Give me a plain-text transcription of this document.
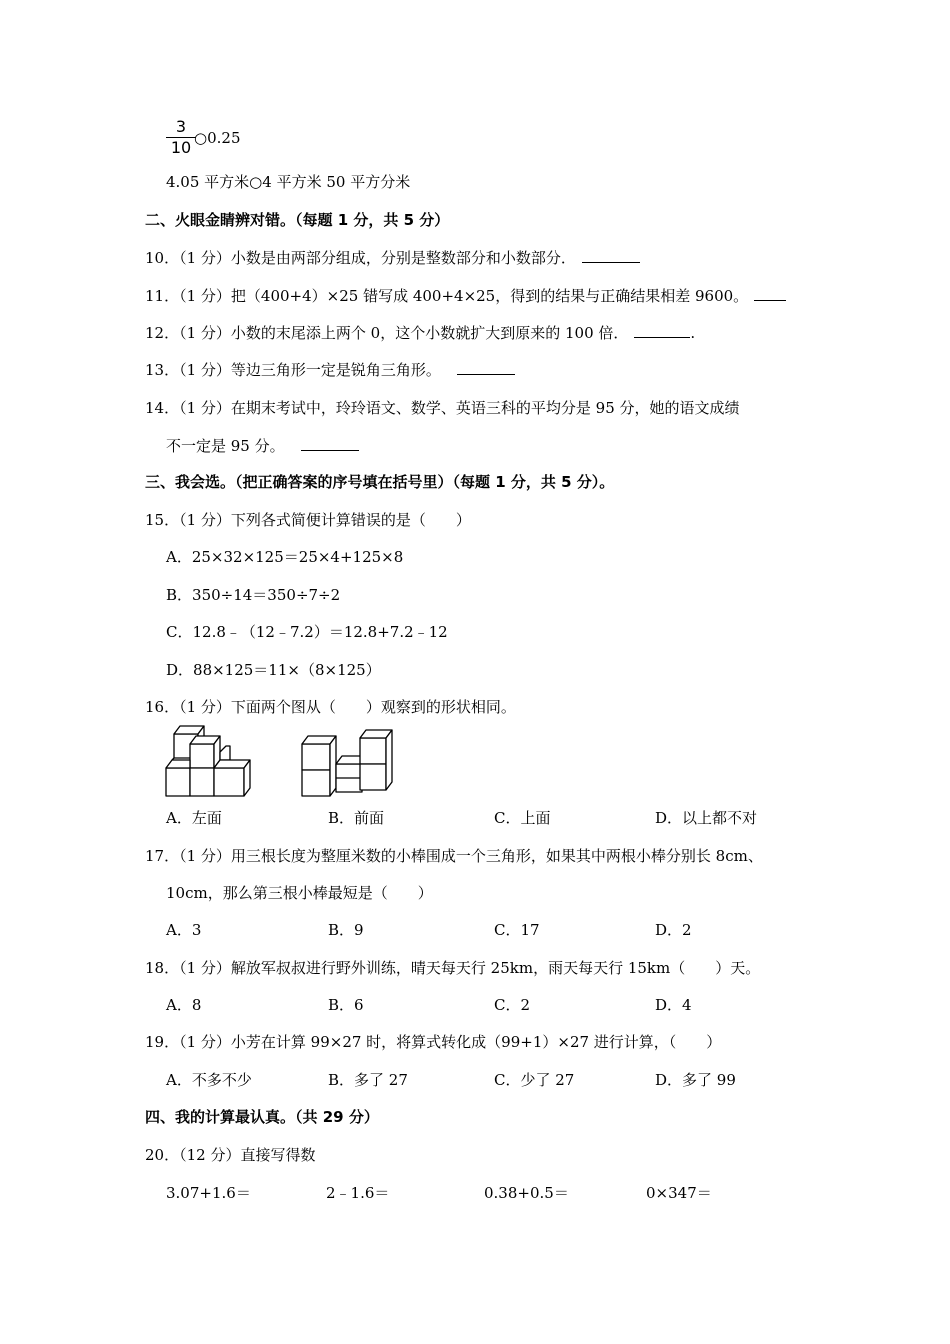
3
10 ○0.25
4.05 平方米○4 平方米 50 平方分米
二、火眼金睛辨对错。（每题 1 分，共 5 分）
10．（1 分）小数是由两部分组成，分别是整数部分和小数部分．
11．（1 分）把（400+4）×25 错写成 400+4×25，得到的结果与正确结果相差 9600。
12．（1 分）小数的末尾添上两个 0，这个小数就扩大到原来的 100 倍．	.
13．（1 分）等边三角形一定是锐角三角形。
14．（1 分）在期末考试中，玲玲语文、数学、英语三科的平均分是 95 分，她的语文成绩
不一定是 95 分。
三、我会选。（把正确答案的序号填在括号里）（每题 1 分，共 5 分）。
15．（1 分）下列各式简便计算错误的是（　　）
A．25×32×125＝25×4+125×8
B．350÷14＝350÷7÷2
C．12.8﹣（12﹣7.2）＝12.8+7.2﹣12
D．88×125＝11×（8×125）
16．（1 分）下面两个图从（　　）观察到的形状相同。
A．左面	B．前面	C．上面	D．以上都不对
17．（1 分）用三根长度为整厘米数的小棒围成一个三角形，如果其中两根小棒分别长 8cm、
10cm，那么第三根小棒最短是（　　）
A．3	B．9	C．17	D．2
18．（1 分）解放军叔叔进行野外训练，晴天每天行 25km，雨天每天行 15km（　　）天。
A．8	B．6	C．2	D．4
19．（1 分）小芳在计算 99×27 时，将算式转化成（99+1）×27 进行计算，（　　）
A．不多不少	B．多了 27	C．少了 27	D．多了 99
四、我的计算最认真。（共 29 分）
20．（12 分）直接写得数
3.07+1.6＝	2﹣1.6＝	0.38+0.5＝	0×347＝
